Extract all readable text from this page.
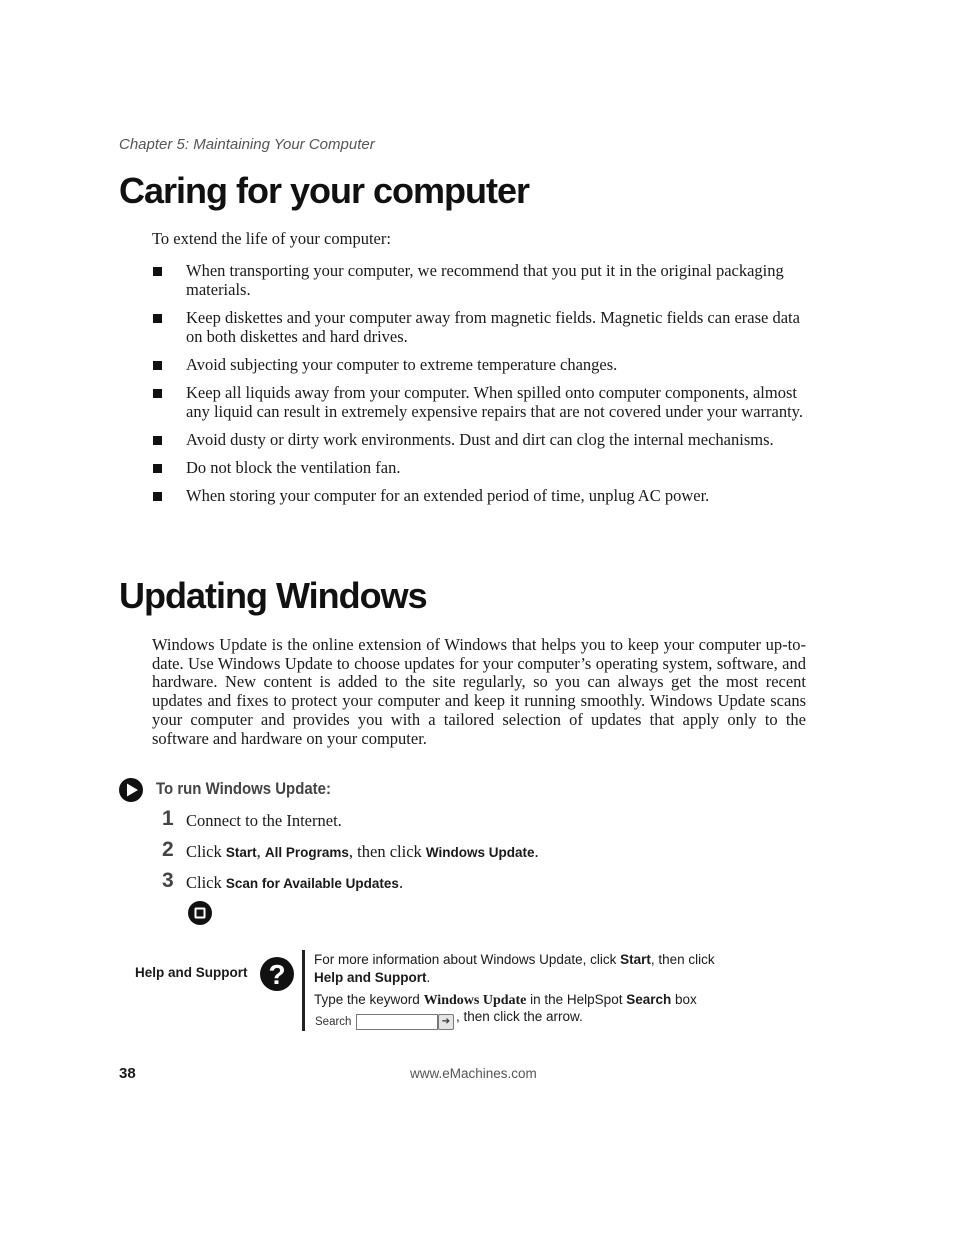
Chapter 5: Maintaining Your Computer
Caring for your computer
To extend the life of your computer:
When transporting your computer, we recommend that you put it in the original packaging materials.
Keep diskettes and your computer away from magnetic fields. Magnetic fields can erase data on both diskettes and hard drives.
Avoid subjecting your computer to extreme temperature changes.
Keep all liquids away from your computer. When spilled onto computer components, almost any liquid can result in extremely expensive repairs that are not covered under your warranty.
Avoid dusty or dirty work environments. Dust and dirt can clog the internal mechanisms.
Do not block the ventilation fan.
When storing your computer for an extended period of time, unplug AC power.
Updating Windows
Windows Update is the online extension of Windows that helps you to keep your computer up-to-date. Use Windows Update to choose updates for your computer’s operating system, software, and hardware. New content is added to the site regularly, so you can always get the most recent updates and fixes to protect your computer and keep it running smoothly. Windows Update scans your computer and provides you with a tailored selection of updates that apply only to the software and hardware on your computer.
To run Windows Update:
1 Connect to the Internet.
2 Click Start, All Programs, then click Windows Update.
3 Click Scan for Available Updates.
Help and Support ? For more information about Windows Update, click Start, then click
Help and Support.
Type the keyword Windows Update in the HelpSpot Search box
Search	➔ , then click the arrow.
38	www.eMachines.com
